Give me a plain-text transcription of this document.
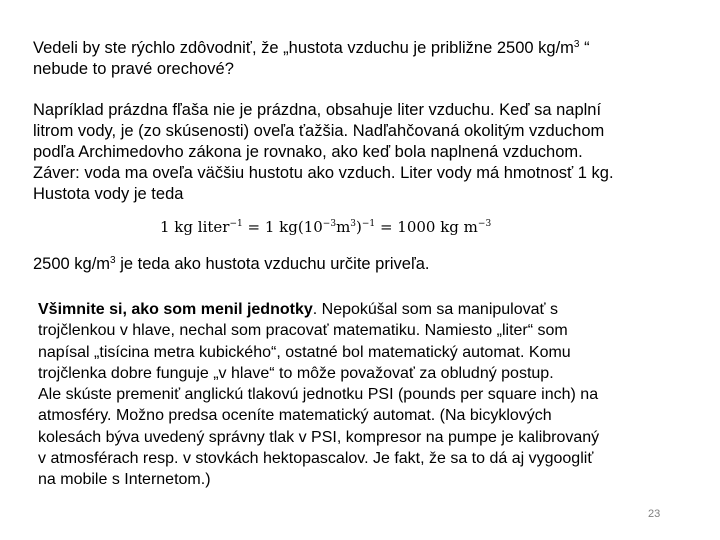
Vedeli by ste rýchlo zdôvodniť, že „hustota vzduchu je približne 2500 $kg/m^3$ “
nebude to pravé orechové?

Napríklad prázdna fľaša nie je prázdna, obsahuje liter vzduchu. Keď sa naplní
litrom vody, je (zo skúsenosti) oveľa ťažšia. Nadľahčovaná okolitým vzduchom
podľa Archimedovho zákona je rovnako, ako keď bola naplnená vzduchom.
Záver: voda ma oveľa väčšiu hustotu ako vzduch. Liter vody má hmotnosť 1 kg.
Hustota vody je teda

1 kg liter$^{-1}$ = 1 $kg(10^{-3}m^3)^{-1} = 1000$ kg $m^{-3}$

2500 $kg/m^3$ je teda ako hustota vzduchu určite priveľa.

Všimnite si, ako som menil jednotky. Nepokúšal som sa manipulovať s
trojčlenkou v hlave, nechal som pracovať matematiku. Namiesto „liter“ som
napísal „tisícina metra kubického“, ostatné bol matematický automat. Komu
trojčlenka dobre funguje „v hlave“ to môže považovať za obludný postup.
Ale skúste premeniť anglickú tlakovú jednotku PSI (pounds per square inch) na
atmosféry. Možno predsa oceníte matematický automat. (Na bicyklových
kolesách býva uvedený správny tlak v PSI, kompresor na pumpe je kalibrovaný
v atmosférach resp. v stovkách hektopascalov. Je fakt, že sa to dá aj vygoogliť
na mobile s Internetom.)

23
